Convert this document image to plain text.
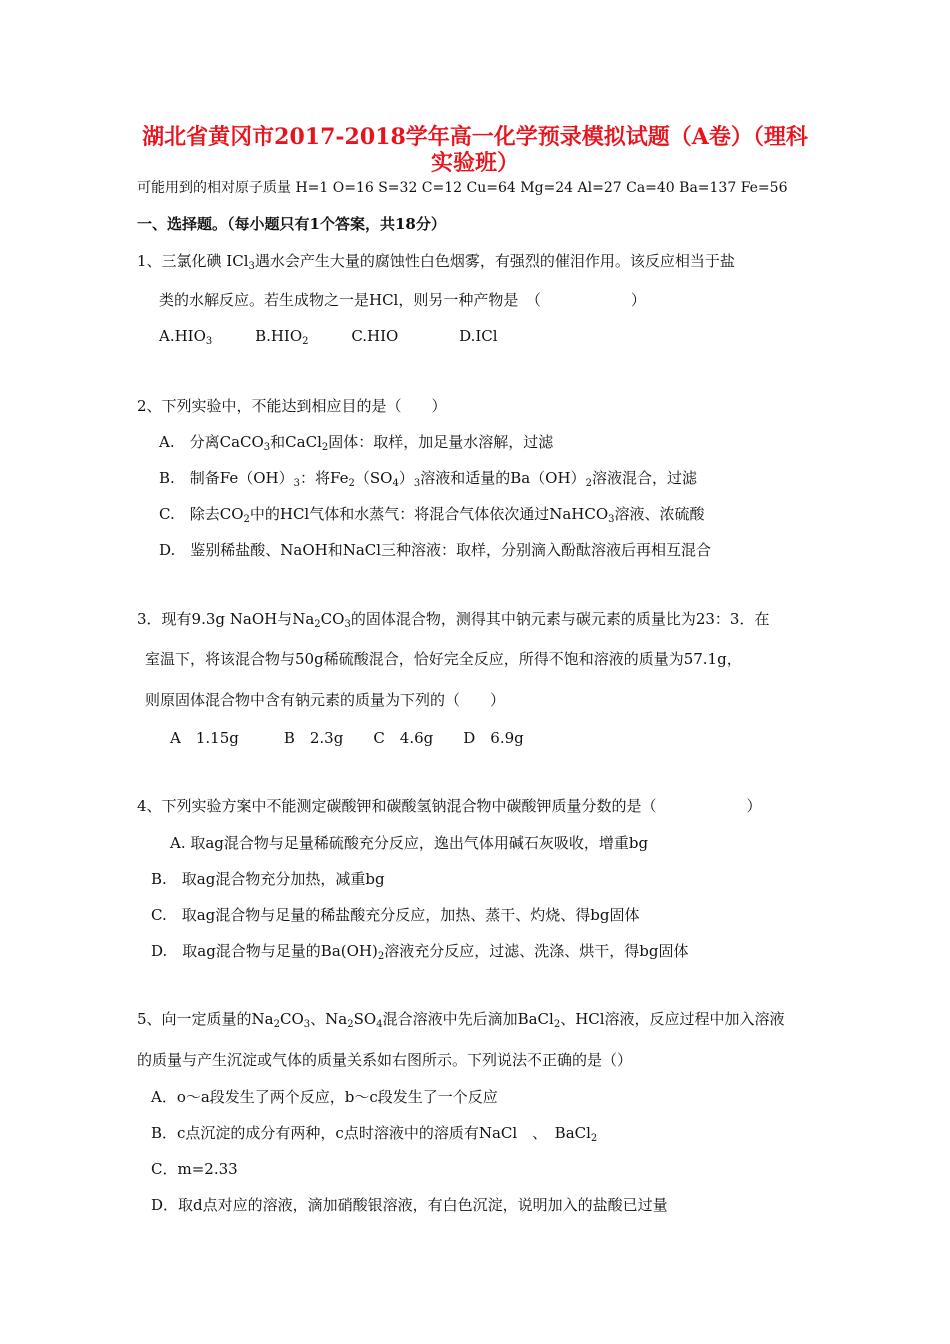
湖北省黄冈市2017-2018学年高一化学预录模拟试题（A卷）（理科
实验班）
可能用到的相对原子质量 H=1 O=16 S=32 C=12 Cu=64 Mg=24 Al=27 Ca=40 Ba=137 Fe=56
一、选择题。（每小题只有1个答案，共18分）
1、三氯化碘 ICl$_3$遇水会产生大量的腐蚀性白色烟雾，有强烈的催泪作用。该反应相当于盐
类的水解反应。若生成物之一是HCl，则另一种产物是　（　　　　　　）
$A.HIO_3$	$B.HIO_2$	C.HIO	D.ICl
2、下列实验中，不能达到相应目的是（　　）
A.　分离CaCO$_3$和CaCl$_2$固体：取样，加足量水溶解，过滤
B.　制备$Fe(OH)_3$：将$Fe_2(SO_4)_3$溶液和适量的$Ba(OH)_2$溶液混合，过滤
C.　除去$CO_2$中的HCl气体和水蒸气：将混合气体依次通过NaHCO$_3$溶液、浓硫酸
D.　鉴别稀盐酸、NaOH和NaCl三种溶液：取样，分别滴入酚酞溶液后再相互混合
3．现有9.3g NaOH与$Na_2CO_3$的固体混合物，测得其中钠元素与碳元素的质量比为23：3．在
室温下，将该混合物与50g稀硫酸混合，恰好完全反应，所得不饱和溶液的质量为57.1g，
则原固体混合物中含有钠元素的质量为下列的（　　）
A　1.15g　　　B　2.3g　　C　4.6g　　D　6.9g
4、下列实验方案中不能测定碳酸钾和碳酸氢钠混合物中碳酸钾质量分数的是（　　　　　　）
A. 取ag混合物与足量稀硫酸充分反应，逸出气体用碱石灰吸收，增重bg
B.　取ag混合物充分加热，减重bg
C.　取ag混合物与足量的稀盐酸充分反应，加热、蒸干、灼烧、得bg固体
D.　取ag混合物与足量的$Ba(OH)_2$溶液充分反应，过滤、洗涤、烘干，得bg固体
5、向一定质量的$Na_2CO_3$、$Na_2SO_4$混合溶液中先后滴加BaCl$_2$、HCl溶液，反应过程中加入溶液
的质量与产生沉淀或气体的质量关系如右图所示。下列说法不正确的是（）
A．o～a段发生了两个反应，b～c段发生了一个反应
B．c点沉淀的成分有两种，c点时溶液中的溶质有NaCl　、　BaCl$_2$
C．m=2.33
D．取d点对应的溶液，滴加硝酸银溶液，有白色沉淀，说明加入的盐酸已过量
